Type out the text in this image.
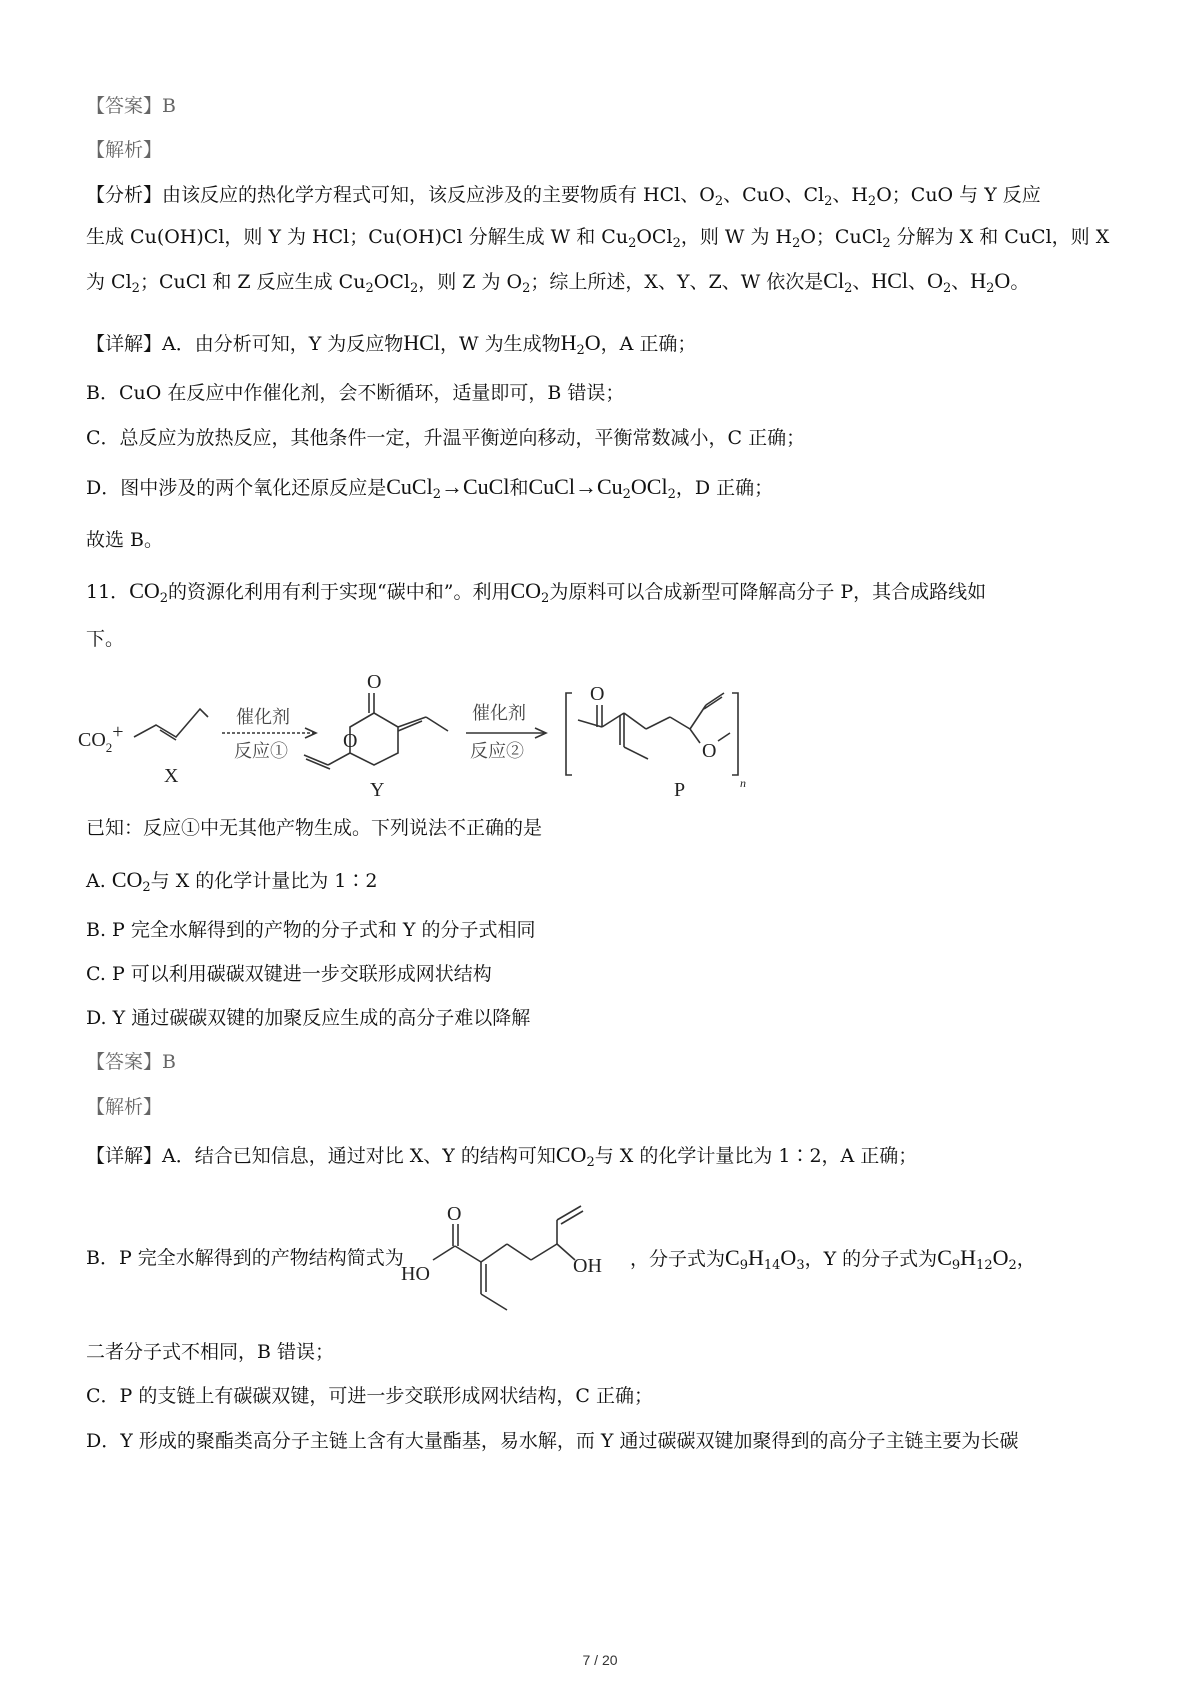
【答案】B
【解析】
【分析】由该反应的热化学方程式可知，该反应涉及的主要物质有 HCl、$O_2$、CuO、$Cl_2$、$H_2O$；CuO 与 Y 反应
生成 Cu(OH)Cl，则 Y 为 HCl；Cu(OH)Cl 分解生成 W 和 $Cu_2OCl_2$，则 W 为 $H_2O$；CuCl$_2$ 分解为 X 和 CuCl，则 X
为 $Cl_2$；CuCl 和 Z 反应生成 $Cu_2OCl_2$，则 Z 为 $O_2$；综上所述，X、Y、Z、W 依次是$Cl_2$、HCl、$O_2$、$H_2O$。
【详解】A．由分析可知，Y 为反应物HCl，W 为生成物$H_2O$，A 正确；
B．CuO 在反应中作催化剂，会不断循环，适量即可，B 错误；
C．总反应为放热反应，其他条件一定，升温平衡逆向移动，平衡常数减小，C 正确；
D．图中涉及的两个氧化还原反应是CuCl$_2$→CuCl和$CuCl\to Cu_2OCl_2$，D 正确；
故选 B。
11．$CO_2$的资源化利用有利于实现“碳中和”。利用$CO_2$为原料可以合成新型可降解高分子 P，其合成路线如
下。
$CO_2+$
X
Y	P
O
O
O
O
n
催化剂
反应①
催化剂
反应②
已知：反应①中无其他产物生成。下列说法不正确的是
A. $CO_2$与 X 的化学计量比为 1∶2
B. P 完全水解得到的产物的分子式和 Y 的分子式相同
C. P 可以利用碳碳双键进一步交联形成网状结构
D. Y 通过碳碳双键的加聚反应生成的高分子难以降解
【答案】B
【解析】
【详解】A．结合已知信息，通过对比 X、Y 的结构可知$CO_2$与 X 的化学计量比为 1∶2，A 正确；
B．P 完全水解得到的产物结构简式为
O
HO	OH ，分子式为$C_9H_{14}O_3$，Y 的分子式为$C_9H_{12}O_2$，
二者分子式不相同，B 错误；
C．P 的支链上有碳碳双键，可进一步交联形成网状结构，C 正确；
D．Y 形成的聚酯类高分子主链上含有大量酯基，易水解，而 Y 通过碳碳双键加聚得到的高分子主链主要为长碳
7 / 20
